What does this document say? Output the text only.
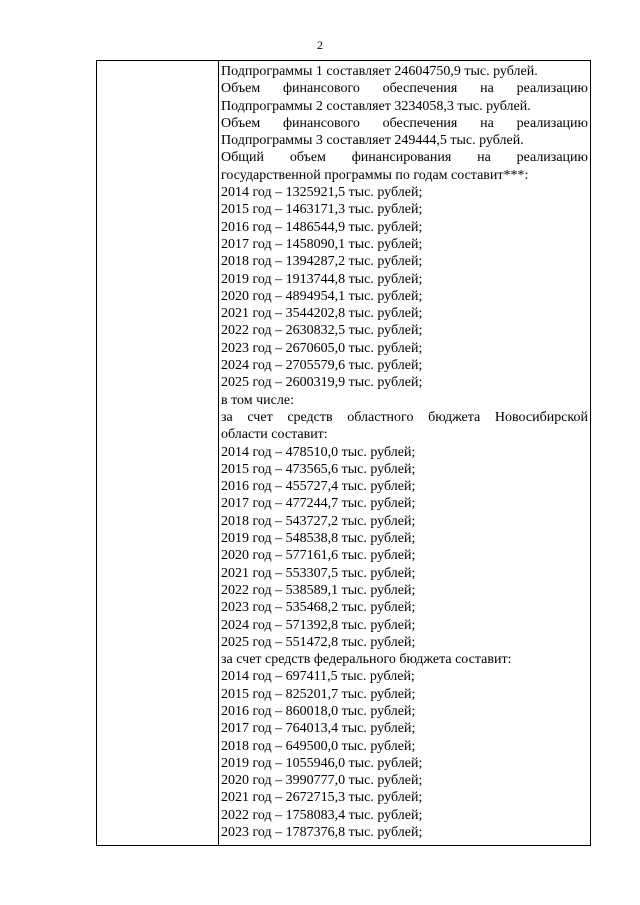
2
Подпрограммы 1 составляет 24604750,9 тыс. рублей.
Объем финансового обеспечения на реализацию
Подпрограммы 2 составляет 3234058,3 тыс. рублей.
Объем финансового обеспечения на реализацию
Подпрограммы 3 составляет 249444,5 тыс. рублей.
Общий объем финансирования на реализацию
государственной программы по годам составит***:
2014 год – 1325921,5 тыс. рублей;
2015 год – 1463171,3 тыс. рублей;
2016 год – 1486544,9 тыс. рублей;
2017 год – 1458090,1 тыс. рублей;
2018 год – 1394287,2 тыс. рублей;
2019 год – 1913744,8 тыс. рублей;
2020 год – 4894954,1 тыс. рублей;
2021 год – 3544202,8 тыс. рублей;
2022 год – 2630832,5 тыс. рублей;
2023 год – 2670605,0 тыс. рублей;
2024 год – 2705579,6 тыс. рублей;
2025 год – 2600319,9 тыс. рублей;
в том числе:
за счет средств областного бюджета Новосибирской
области составит:
2014 год – 478510,0 тыс. рублей;
2015 год – 473565,6 тыс. рублей;
2016 год – 455727,4 тыс. рублей;
2017 год – 477244,7 тыс. рублей;
2018 год – 543727,2 тыс. рублей;
2019 год – 548538,8 тыс. рублей;
2020 год – 577161,6 тыс. рублей;
2021 год – 553307,5 тыс. рублей;
2022 год – 538589,1 тыс. рублей;
2023 год – 535468,2 тыс. рублей;
2024 год – 571392,8 тыс. рублей;
2025 год – 551472,8 тыс. рублей;
за счет средств федерального бюджета составит:
2014 год – 697411,5 тыс. рублей;
2015 год – 825201,7 тыс. рублей;
2016 год – 860018,0 тыс. рублей;
2017 год – 764013,4 тыс. рублей;
2018 год – 649500,0 тыс. рублей;
2019 год – 1055946,0 тыс. рублей;
2020 год – 3990777,0 тыс. рублей;
2021 год – 2672715,3 тыс. рублей;
2022 год – 1758083,4 тыс. рублей;
2023 год – 1787376,8 тыс. рублей;
